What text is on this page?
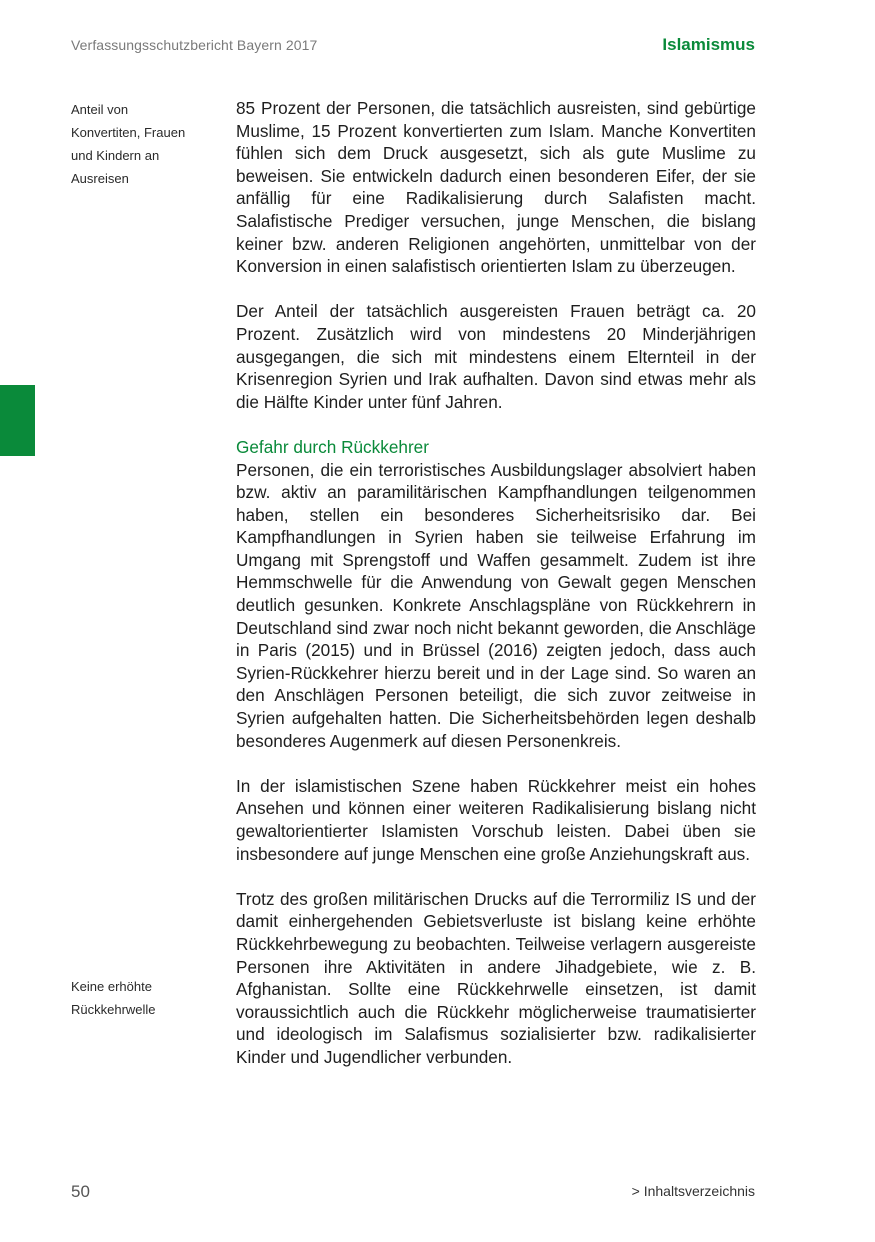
Verfassungsschutzbericht Bayern 2017	Islamismus
Anteil von Konvertiten, Frauen und Kindern an Ausreisen
Keine erhöhte Rückkehrwelle

85 Prozent der Personen, die tatsächlich ausreisten, sind gebürtige Muslime, 15 Prozent konvertierten zum Islam. Manche Konvertiten fühlen sich dem Druck ausgesetzt, sich als gute Muslime zu beweisen. Sie entwickeln dadurch einen besonderen Eifer, der sie anfällig für eine Radikalisierung durch Salafisten macht. Salafistische Prediger versuchen, junge Menschen, die bislang keiner bzw. anderen Religionen angehörten, unmittelbar von der Konversion in einen salafistisch orientierten Islam zu überzeugen.

Der Anteil der tatsächlich ausgereisten Frauen beträgt ca. 20 Prozent. Zusätzlich wird von mindestens 20 Minderjährigen ausgegangen, die sich mit mindestens einem Elternteil in der Krisenregion Syrien und Irak aufhalten. Davon sind etwas mehr als die Hälfte Kinder unter fünf Jahren.

Gefahr durch Rückkehrer

Personen, die ein terroristisches Ausbildungslager absolviert haben bzw. aktiv an paramilitärischen Kampfhandlungen teilgenommen haben, stellen ein besonderes Sicherheitsrisiko dar. Bei Kampfhandlungen in Syrien haben sie teilweise Erfahrung im Umgang mit Sprengstoff und Waffen gesammelt. Zudem ist ihre Hemmschwelle für die Anwendung von Gewalt gegen Menschen deutlich gesunken. Konkrete Anschlagspläne von Rückkehrern in Deutschland sind zwar noch nicht bekannt geworden, die Anschläge in Paris (2015) und in Brüssel (2016) zeigten jedoch, dass auch Syrien-Rückkehrer hierzu bereit und in der Lage sind. So waren an den Anschlägen Personen beteiligt, die sich zuvor zeitweise in Syrien aufgehalten hatten. Die Sicherheitsbehörden legen deshalb besonderes Augenmerk auf diesen Personenkreis.

In der islamistischen Szene haben Rückkehrer meist ein hohes Ansehen und können einer weiteren Radikalisierung bislang nicht gewaltorientierter Islamisten Vorschub leisten. Dabei üben sie insbesondere auf junge Menschen eine große Anziehungskraft aus.

Trotz des großen militärischen Drucks auf die Terrormiliz IS und der damit einhergehenden Gebietsverluste ist bislang keine erhöhte Rückkehrbewegung zu beobachten. Teilweise verlagern ausgereiste Personen ihre Aktivitäten in andere Jihadgebiete, wie z. B. Afghanistan. Sollte eine Rückkehrwelle einsetzen, ist damit voraussichtlich auch die Rückkehr möglicherweise traumatisierter und ideologisch im Salafismus sozialisierter bzw. radikalisierter Kinder und Jugendlicher verbunden.

50	> Inhaltsverzeichnis
